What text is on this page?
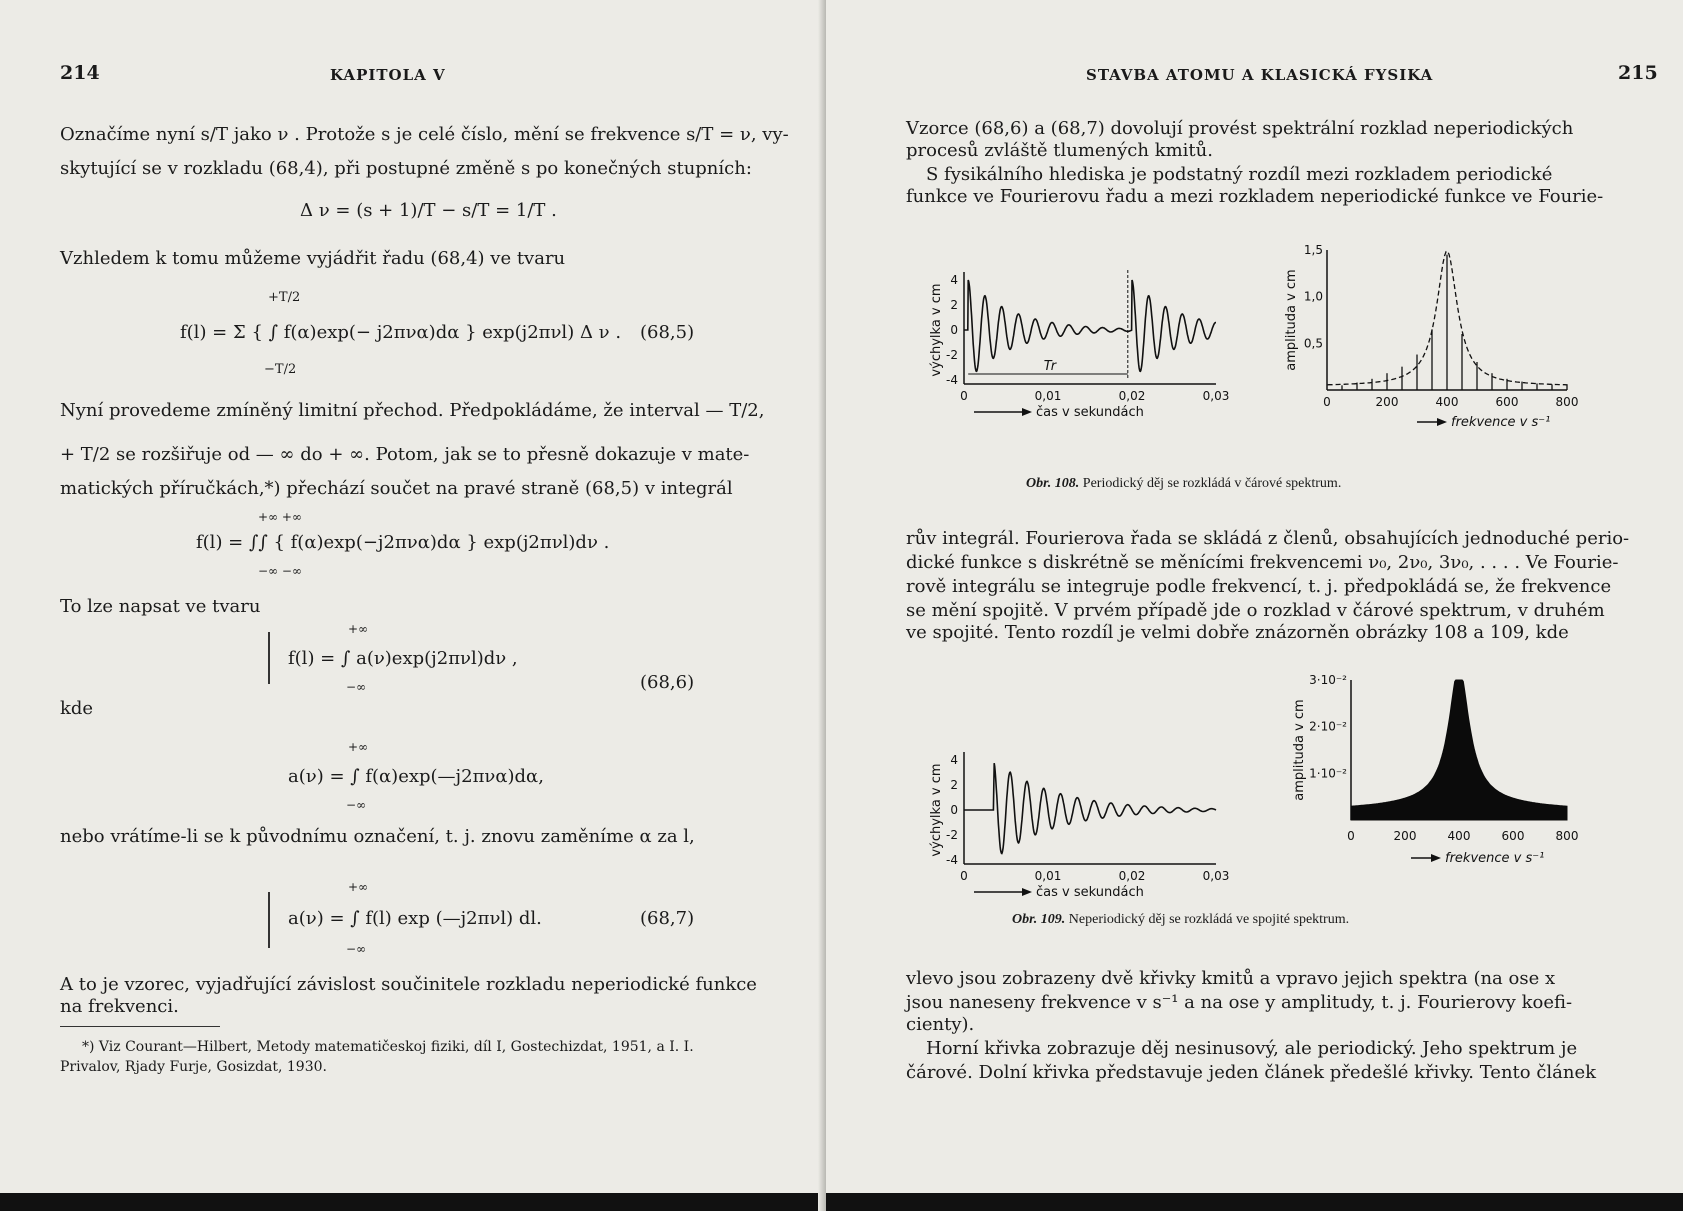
214	KAPITOLA V
Označíme nyní s/T jako ν . Protože s je celé číslo, mění se frekvence s/T = ν, vy-
skytující se v rozkladu (68,4), při postupné změně s po konečných stupních:
Δ ν = (s + 1)/T − s/T = 1/T .
Vzhledem k tomu můžeme vyjádřit řadu (68,4) ve tvaru
+T/2
f(l) = Σ { ∫ f(α)exp(− j2πνα)dα } exp(j2πνl) Δ ν .
−T/2
(68,5)
Nyní provedeme zmíněný limitní přechod. Předpokládáme, že interval — T/2,
+ T/2 se rozšiřuje od — ∞ do + ∞. Potom, jak se to přesně dokazuje v mate-
matických příručkách,*) přechází součet na pravé straně (68,5) v integrál
+∞ +∞
f(l) = ∫∫ { f(α)exp(−j2πνα)dα } exp(j2πνl)dν .
−∞ −∞
To lze napsat ve tvaru
+∞
f(l) = ∫ a(ν)exp(j2πνl)dν ,
−∞	(68,6)
kde
+∞
a(ν) = ∫ f(α)exp(—j2πνα)dα,
−∞
nebo vrátíme-li se k původnímu označení, t. j. znovu zaměníme α za l,
+∞
a(ν) = ∫ f(l) exp (—j2πνl) dl.
−∞
(68,7)
A to je vzorec, vyjadřující závislost součinitele rozkladu neperiodické funkce
na frekvenci.
*) Viz Courant—Hilbert, Metody matematičeskoj fiziki, díl I, Gostechizdat, 1951, a I. I.
Privalov, Rjady Furje, Gosizdat, 1930.
STAVBA ATOMU A KLASICKÁ FYSIKA	215
Vzorce (68,6) a (68,7) dovolují provést spektrální rozklad neperiodických
procesů zvláště tlumených kmitů.
S fysikálního hlediska je podstatný rozdíl mezi rozkladem periodické
funkce ve Fourierovu řadu a mezi rozkladem neperiodické funkce ve Fourie-
4
2
0
-2
-4
0	0,01	0,02	0,03
výchylka v cm
čas v sekundách
Tr
1,5
1,0
0,5
0	200	400	600	800
amplituda v cm
frekvence v s⁻¹
Obr. 108. Periodický děj se rozkládá v čárové spektrum.
rův integrál. Fourierova řada se skládá z členů, obsahujících jednoduché perio-
dické funkce s diskrétně se měnícími frekvencemi ν₀, 2ν₀, 3ν₀, . . . . Ve Fourie-
rově integrálu se integruje podle frekvencí, t. j. předpokládá se, že frekvence
se mění spojitě. V prvém případě jde o rozklad v čárové spektrum, v druhém
ve spojité. Tento rozdíl je velmi dobře znázorněn obrázky 108 a 109, kde
4
2
0
-2
-4
0	0,01	0,02	0,03
výchylka v cm
čas v sekundách
3·10⁻²
2·10⁻²
1·10⁻²
0	200	400	600	800
amplituda v cm
frekvence v s⁻¹
Obr. 109. Neperiodický děj se rozkládá ve spojité spektrum.
vlevo jsou zobrazeny dvě křivky kmitů a vpravo jejich spektra (na ose x
jsou naneseny frekvence v s⁻¹ a na ose y amplitudy, t. j. Fourierovy koefi-
cienty).
Horní křivka zobrazuje děj nesinusový, ale periodický. Jeho spektrum je
čárové. Dolní křivka představuje jeden článek předešlé křivky. Tento článek
